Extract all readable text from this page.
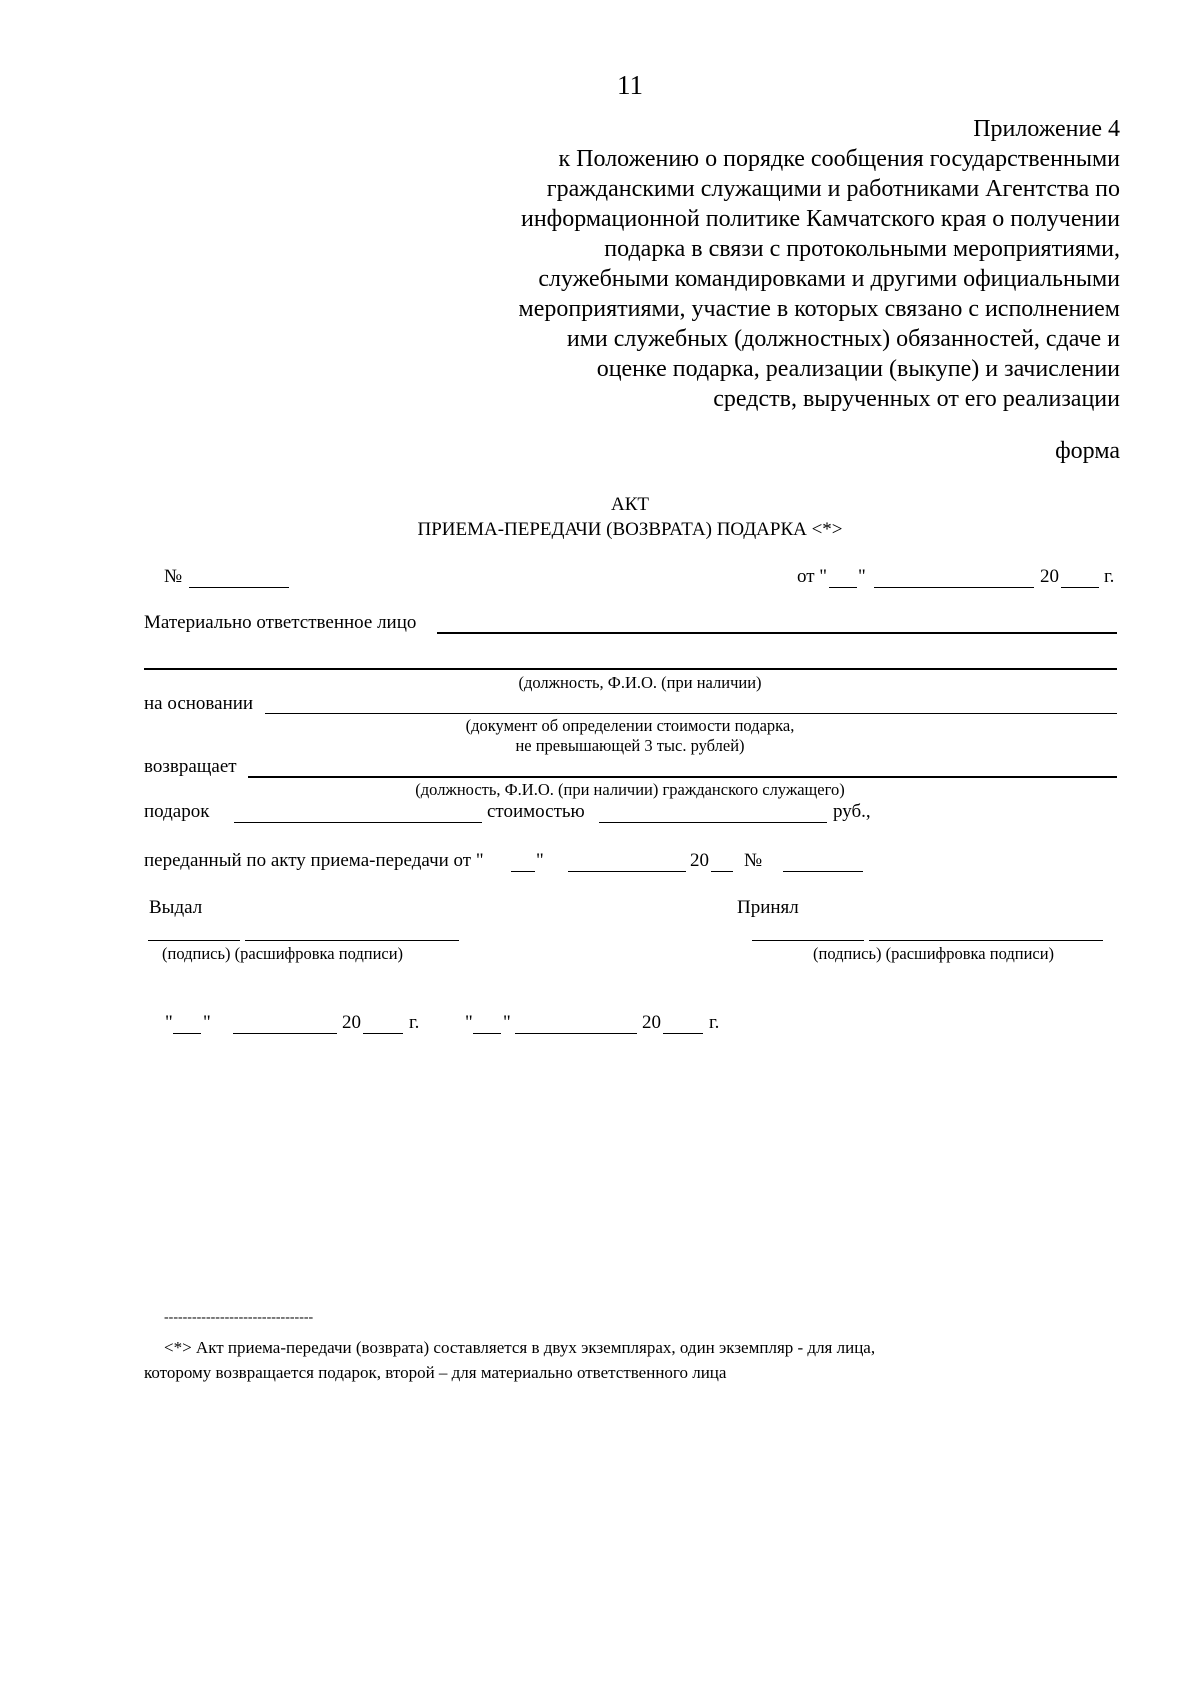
11
Приложение 4
к Положению о порядке сообщения государственными
гражданскими служащими и работниками Агентства по
информационной политике Камчатского края о получении
подарка в связи с протокольными мероприятиями,
служебными командировками и другими официальными
мероприятиями, участие в которых связано с исполнением
ими служебных (должностных) обязанностей, сдаче и
оценке подарка, реализации (выкупе) и зачислении
средств, вырученных от его реализации
форма
АКТ
ПРИЕМА-ПЕРЕДАЧИ (ВОЗВРАТА) ПОДАРКА <*>
№	от " "	20 г.
Материально ответственное лицо
(должность, Ф.И.О. (при наличии)
на основании
(документ об определении стоимости подарка,
не превышающей 3 тыс. рублей)
возвращает
(должность, Ф.И.О. (при наличии) гражданского служащего)
подарок	стоимостью	руб.,
переданный по акту приема-передачи от "	"	20 №
Выдал	Принял
(подпись) (расшифровка подписи)	(подпись) (расшифровка подписи)
" "	20	г. " "	20	г.
--------------------------------
<*> Акт приема-передачи (возврата) составляется в двух экземплярах, один экземпляр - для лица,
которому возвращается подарок, второй – для материально ответственного лица
